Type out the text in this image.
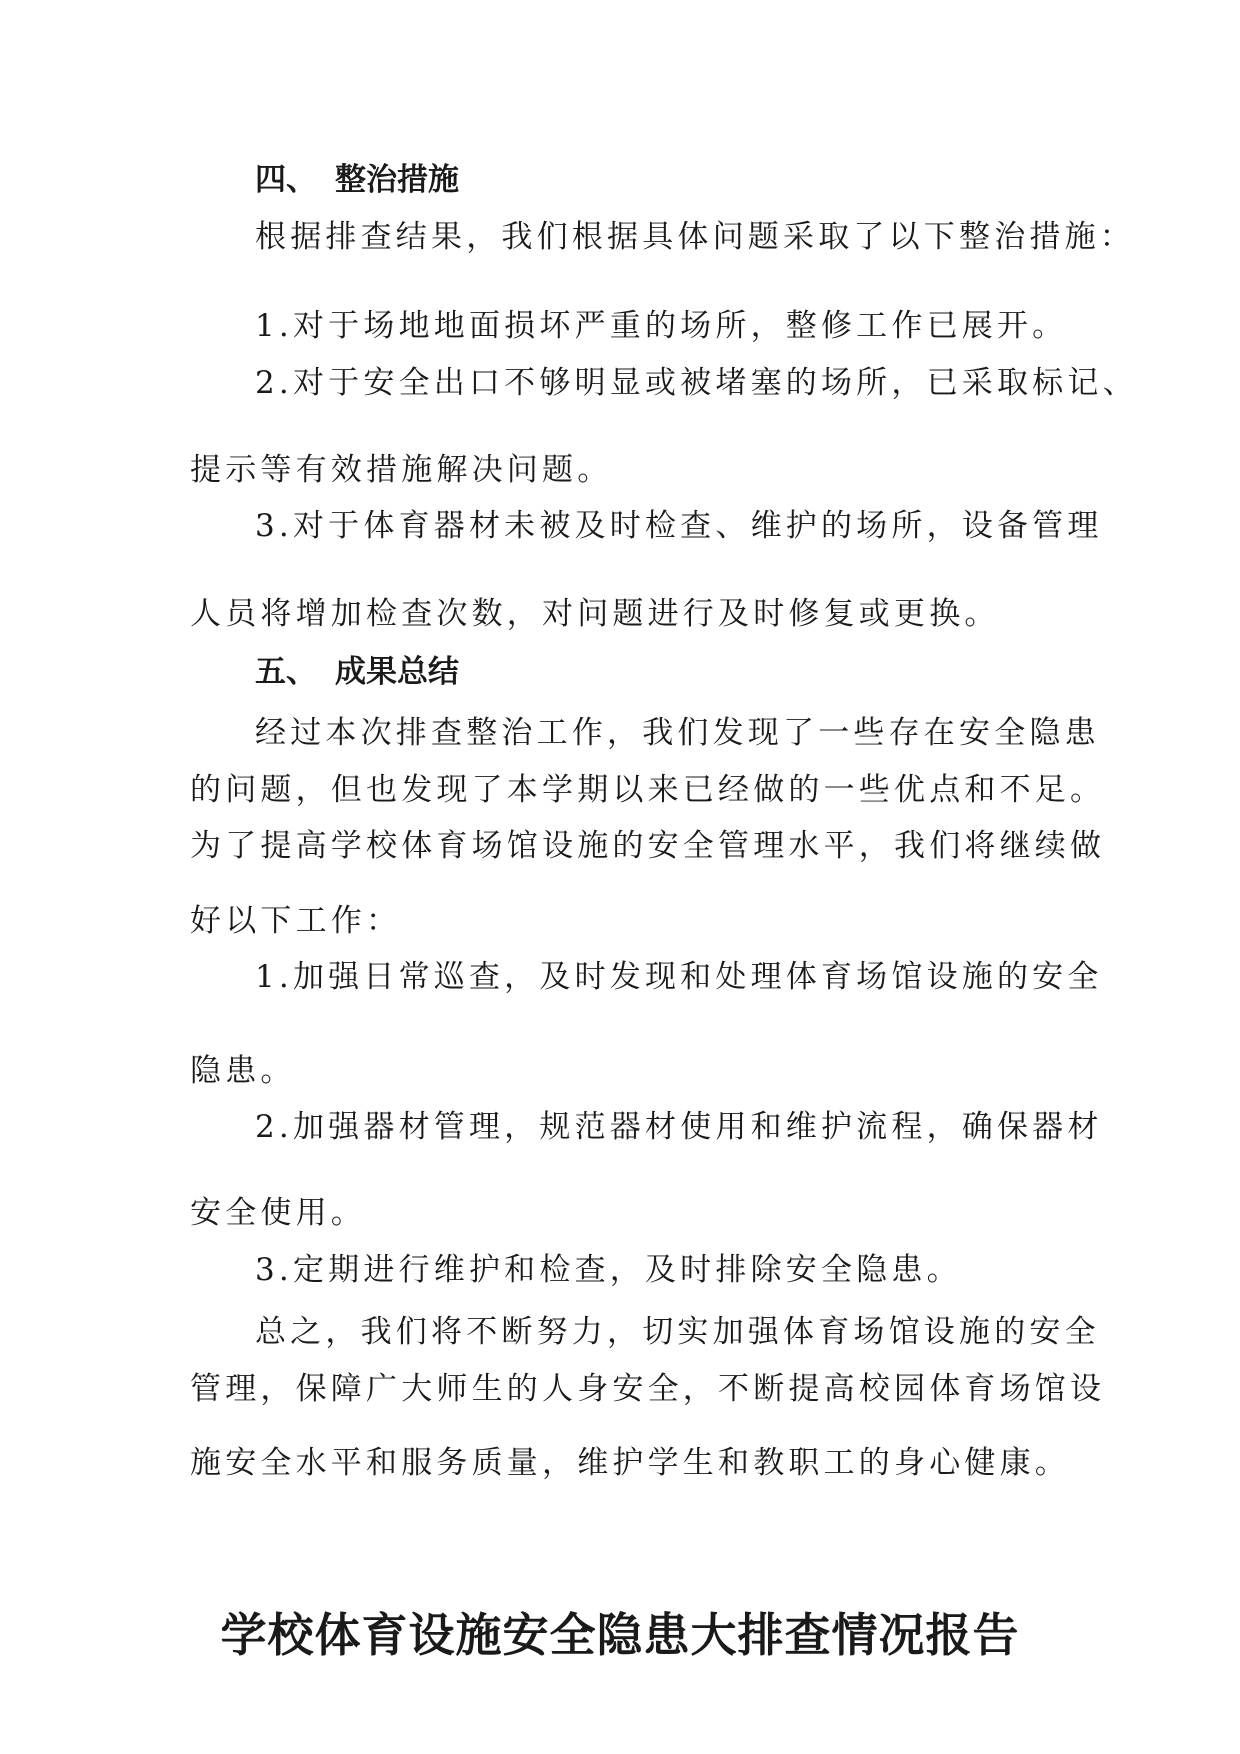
四、 整治措施
根据排查结果，我们根据具体问题采取了以下整治措施：
1.对于场地地面损坏严重的场所，整修工作已展开。
2.对于安全出口不够明显或被堵塞的场所，已采取标记、
提示等有效措施解决问题。
3.对于体育器材未被及时检查、维护的场所，设备管理
人员将增加检查次数，对问题进行及时修复或更换。
五、 成果总结
经过本次排查整治工作，我们发现了一些存在安全隐患
的问题，但也发现了本学期以来已经做的一些优点和不足。
为了提高学校体育场馆设施的安全管理水平，我们将继续做
好以下工作：
1.加强日常巡查，及时发现和处理体育场馆设施的安全
隐患。
2.加强器材管理，规范器材使用和维护流程，确保器材
安全使用。
3.定期进行维护和检查，及时排除安全隐患。
总之，我们将不断努力，切实加强体育场馆设施的安全
管理，保障广大师生的人身安全，不断提高校园体育场馆设
施安全水平和服务质量，维护学生和教职工的身心健康。
学校体育设施安全隐患大排查情况报告
